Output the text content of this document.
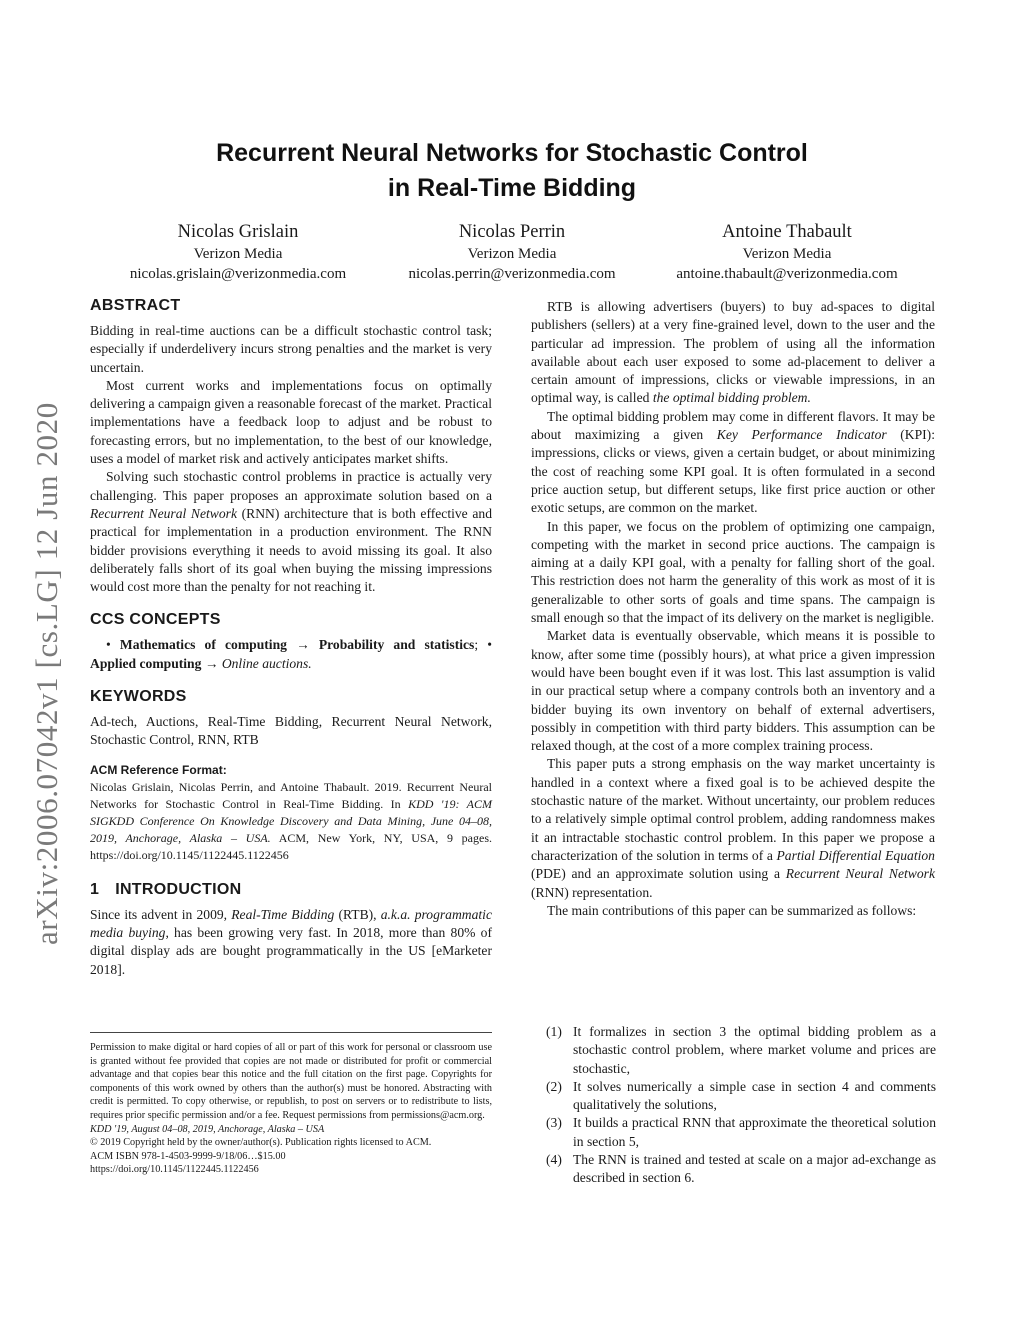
arXiv:2006.07042v1 [cs.LG] 12 Jun 2020
Recurrent Neural Networks for Stochastic Control
in Real-Time Bidding
Nicolas Grislain
Verizon Media
nicolas.grislain@verizonmedia.com
Nicolas Perrin
Verizon Media
nicolas.perrin@verizonmedia.com
Antoine Thabault
Verizon Media
antoine.thabault@verizonmedia.com
ABSTRACT

Bidding in real-time auctions can be a difficult stochastic control task; especially if underdelivery incurs strong penalties and the market is very uncertain.

Most current works and implementations focus on optimally delivering a campaign given a reasonable forecast of the market. Practical implementations have a feedback loop to adjust and be robust to forecasting errors, but no implementation, to the best of our knowledge, uses a model of market risk and actively anticipates market shifts.

Solving such stochastic control problems in practice is actually very challenging. This paper proposes an approximate solution based on a Recurrent Neural Network (RNN) architecture that is both effective and practical for implementation in a production environment. The RNN bidder provisions everything it needs to avoid missing its goal. It also deliberately falls short of its goal when buying the missing impressions would cost more than the penalty for not reaching it.

CCS CONCEPTS

• Mathematics of computing → Probability and statistics; • Applied computing → Online auctions.

KEYWORDS

Ad-tech, Auctions, Real-Time Bidding, Recurrent Neural Network, Stochastic Control, RNN, RTB

ACM Reference Format:
Nicolas Grislain, Nicolas Perrin, and Antoine Thabault. 2019. Recurrent Neural Networks for Stochastic Control in Real-Time Bidding. In KDD '19: ACM SIGKDD Conference On Knowledge Discovery and Data Mining, June 04–08, 2019, Anchorage, Alaska – USA. ACM, New York, NY, USA, 9 pages. https://doi.org/10.1145/1122445.1122456
1 INTRODUCTION

Since its advent in 2009, Real-Time Bidding (RTB), a.k.a. programmatic media buying, has been growing very fast. In 2018, more than 80% of digital display ads are bought programmatically in the US [eMarketer 2018].

Permission to make digital or hard copies of all or part of this work for personal or classroom use is granted without fee provided that copies are not made or distributed for profit or commercial advantage and that copies bear this notice and the full citation on the first page. Copyrights for components of this work owned by others than the author(s) must be honored. Abstracting with credit is permitted. To copy otherwise, or republish, to post on servers or to redistribute to lists, requires prior specific permission and/or a fee. Request permissions from permissions@acm.org.

KDD '19, August 04–08, 2019, Anchorage, Alaska – USA

© 2019 Copyright held by the owner/author(s). Publication rights licensed to ACM.

ACM ISBN 978-1-4503-9999-9/18/06…$15.00

https://doi.org/10.1145/1122445.1122456

RTB is allowing advertisers (buyers) to buy ad-spaces to digital publishers (sellers) at a very fine-grained level, down to the user and the particular ad impression. The problem of using all the information available about each user exposed to some ad-placement to deliver a certain amount of impressions, clicks or viewable impressions, in an optimal way, is called the optimal bidding problem.

The optimal bidding problem may come in different flavors. It may be about maximizing a given Key Performance Indicator (KPI): impressions, clicks or views, given a certain budget, or about minimizing the cost of reaching some KPI goal. It is often formulated in a second price auction setup, but different setups, like first price auction or other exotic setups, are common on the market.

In this paper, we focus on the problem of optimizing one campaign, competing with the market in second price auctions. The campaign is aiming at a daily KPI goal, with a penalty for falling short of the goal. This restriction does not harm the generality of this work as most of it is generalizable to other sorts of goals and time spans. The campaign is small enough so that the impact of its delivery on the market is negligible.

Market data is eventually observable, which means it is possible to know, after some time (possibly hours), at what price a given impression would have been bought even if it was lost. This last assumption is valid in our practical setup where a company controls both an inventory and a bidder buying its own inventory on behalf of external advertisers, possibly in competition with third party bidders. This assumption can be relaxed though, at the cost of a more complex training process.

This paper puts a strong emphasis on the way market uncertainty is handled in a context where a fixed goal is to be achieved despite the stochastic nature of the market. Without uncertainty, our problem reduces to a relatively simple optimal control problem, adding randomness makes it an intractable stochastic control problem. In this paper we propose a characterization of the solution in terms of a Partial Differential Equation (PDE) and an approximate solution using a Recurrent Neural Network (RNN) representation.

The main contributions of this paper can be summarized as follows:

(1) It formalizes in section 3 the optimal bidding problem as a stochastic control problem, where market volume and prices are stochastic,
(2) It solves numerically a simple case in section 4 and comments qualitatively the solutions,
(3) It builds a practical RNN that approximate the theoretical solution in section 5,
(4) The RNN is trained and tested at scale on a major ad-exchange as described in section 6.
